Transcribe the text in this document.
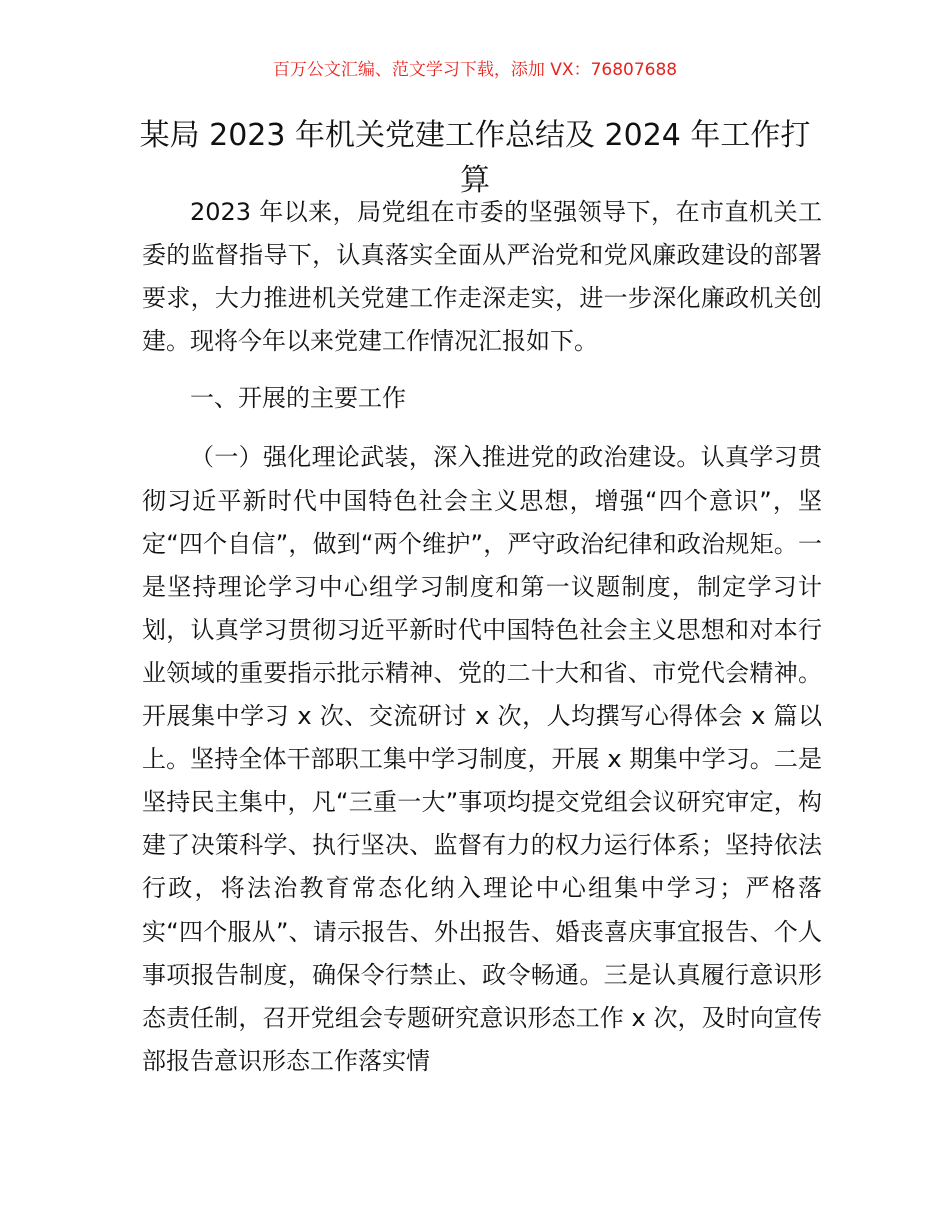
百万公文汇编、范文学习下载，添加 VX：76807688
某局 2023 年机关党建工作总结及 2024 年工作打算

2023 年以来，局党组在市委的坚强领导下，在市直机关工委的监督指导下，认真落实全面从严治党和党风廉政建设的部署要求，大力推进机关党建工作走深走实，进一步深化廉政机关创建。现将今年以来党建工作情况汇报如下。

一、开展的主要工作

（一）强化理论武装，深入推进党的政治建设。认真学习贯彻习近平新时代中国特色社会主义思想，增强“四个意识”，坚定“四个自信”，做到“两个维护”，严守政治纪律和政治规矩。一是坚持理论学习中心组学习制度和第一议题制度，制定学习计划，认真学习贯彻习近平新时代中国特色社会主义思想和对本行业领域的重要指示批示精神、党的二十大和省、市党代会精神。开展集中学习 x 次、交流研讨 x 次，人均撰写心得体会 x 篇以上。坚持全体干部职工集中学习制度，开展 x 期集中学习。二是坚持民主集中，凡“三重一大”事项均提交党组会议研究审定，构建了决策科学、执行坚决、监督有力的权力运行体系；坚持依法行政，将法治教育常态化纳入理论中心组集中学习；严格落实“四个服从”、请示报告、外出报告、婚丧喜庆事宜报告、个人事项报告制度，确保令行禁止、政令畅通。三是认真履行意识形态责任制，召开党组会专题研究意识形态工作 x 次，及时向宣传部报告意识形态工作落实情
